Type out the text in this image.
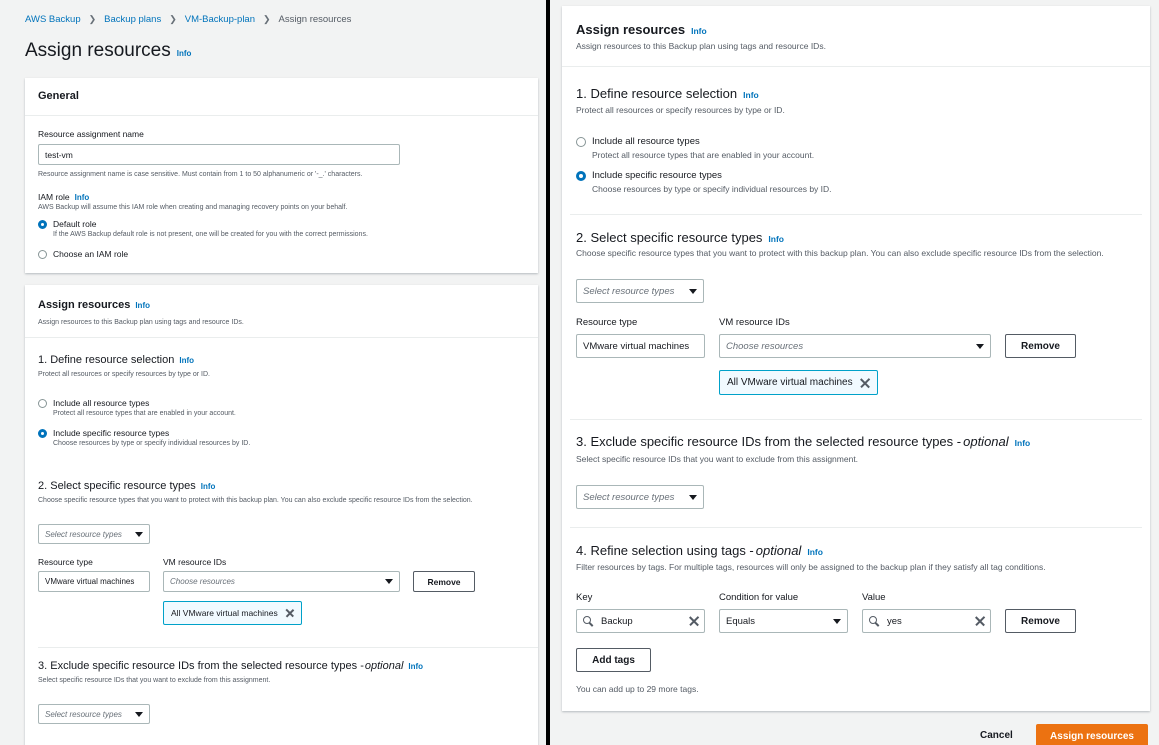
AWS Backup ❯ Backup plans ❯ VM-Backup-plan ❯ Assign resources
Assign resources Info
General
Resource assignment name
test-vm
Resource assignment name is case sensitive. Must contain from 1 to 50 alphanumeric or '-_.' characters.
IAM role Info
AWS Backup will assume this IAM role when creating and managing recovery points on your behalf.
Default role
If the AWS Backup default role is not present, one will be created for you with the correct permissions.
Choose an IAM role
Assign resources Info
Assign resources to this Backup plan using tags and resource IDs.
1. Define resource selection Info
Protect all resources or specify resources by type or ID.
Include all resource types
Protect all resource types that are enabled in your account.
Include specific resource types
Choose resources by type or specify individual resources by ID.
2. Select specific resource types Info
Choose specific resource types that you want to protect with this backup plan. You can also exclude specific resource IDs from the selection.
Select resource types
Resource type	VM resource IDs
VMware virtual machines	Choose resources	Remove
All VMware virtual machines
3. Exclude specific resource IDs from the selected resource types - optional Info
Select specific resource IDs that you want to exclude from this assignment.
Select resource types
Assign resources Info
Assign resources to this Backup plan using tags and resource IDs.
1. Define resource selection Info
Protect all resources or specify resources by type or ID.
Include all resource types
Protect all resource types that are enabled in your account.
Include specific resource types
Choose resources by type or specify individual resources by ID.
2. Select specific resource types Info
Choose specific resource types that you want to protect with this backup plan. You can also exclude specific resource IDs from the selection.
Select resource types
Resource type	VM resource IDs
VMware virtual machines	Choose resources	Remove
All VMware virtual machines
3. Exclude specific resource IDs from the selected resource types - optional Info
Select specific resource IDs that you want to exclude from this assignment.
Select resource types
4. Refine selection using tags - optional Info
Filter resources by tags. For multiple tags, resources will only be assigned to the backup plan if they satisfy all tag conditions.
Key	Condition for value	Value
Backup	Equals	yes	Remove
Add tags
You can add up to 29 more tags.
Cancel	Assign resources
